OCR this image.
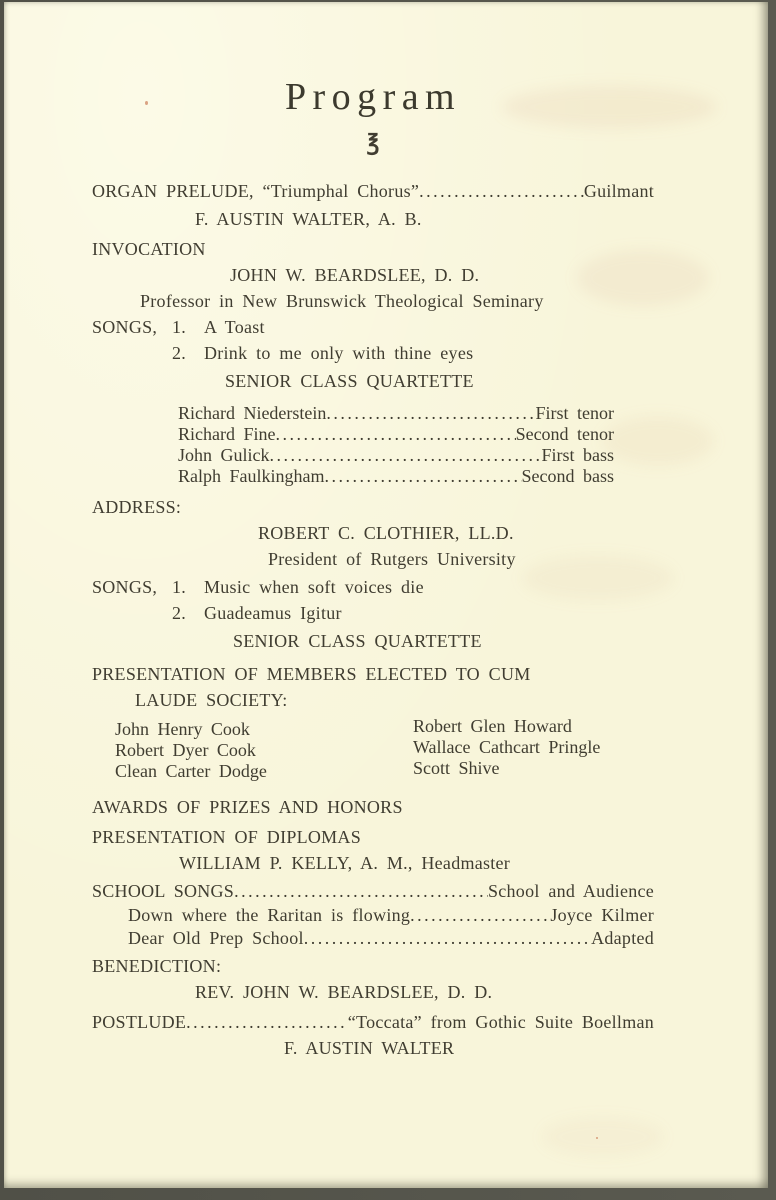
Program
℥
ORGAN PRELUDE, “Triumphal Chorus” .....	Guilmant
F. AUSTIN WALTER, A. B.
INVOCATION
JOHN W. BEARDSLEE, D. D.
Professor in New Brunswick Theological Seminary
SONGS, 1. A Toast
2. Drink to me only with thine eyes
SENIOR CLASS QUARTETTE
Richard Niederstein .....	First tenor
Richard Fine .....	Second tenor
John Gulick .....	First bass
Ralph Faulkingham .....	Second bass
ADDRESS:
ROBERT C. CLOTHIER, LL.D.
President of Rutgers University
SONGS, 1. Music when soft voices die
2. Guadeamus Igitur
SENIOR CLASS QUARTETTE
PRESENTATION OF MEMBERS ELECTED TO CUM
LAUDE SOCIETY:
John Henry Cook
Robert Dyer Cook
Clean Carter Dodge
Robert Glen Howard
Wallace Cathcart Pringle
Scott Shive
AWARDS OF PRIZES AND HONORS
PRESENTATION OF DIPLOMAS
WILLIAM P. KELLY, A. M., Headmaster
SCHOOL SONGS .....	School and Audience
Down where the Raritan is flowing .....	Joyce Kilmer
Dear Old Prep School .....	Adapted
BENEDICTION:
REV. JOHN W. BEARDSLEE, D. D.
POSTLUDE .....	“Toccata” from Gothic Suite Boellman
F. AUSTIN WALTER
